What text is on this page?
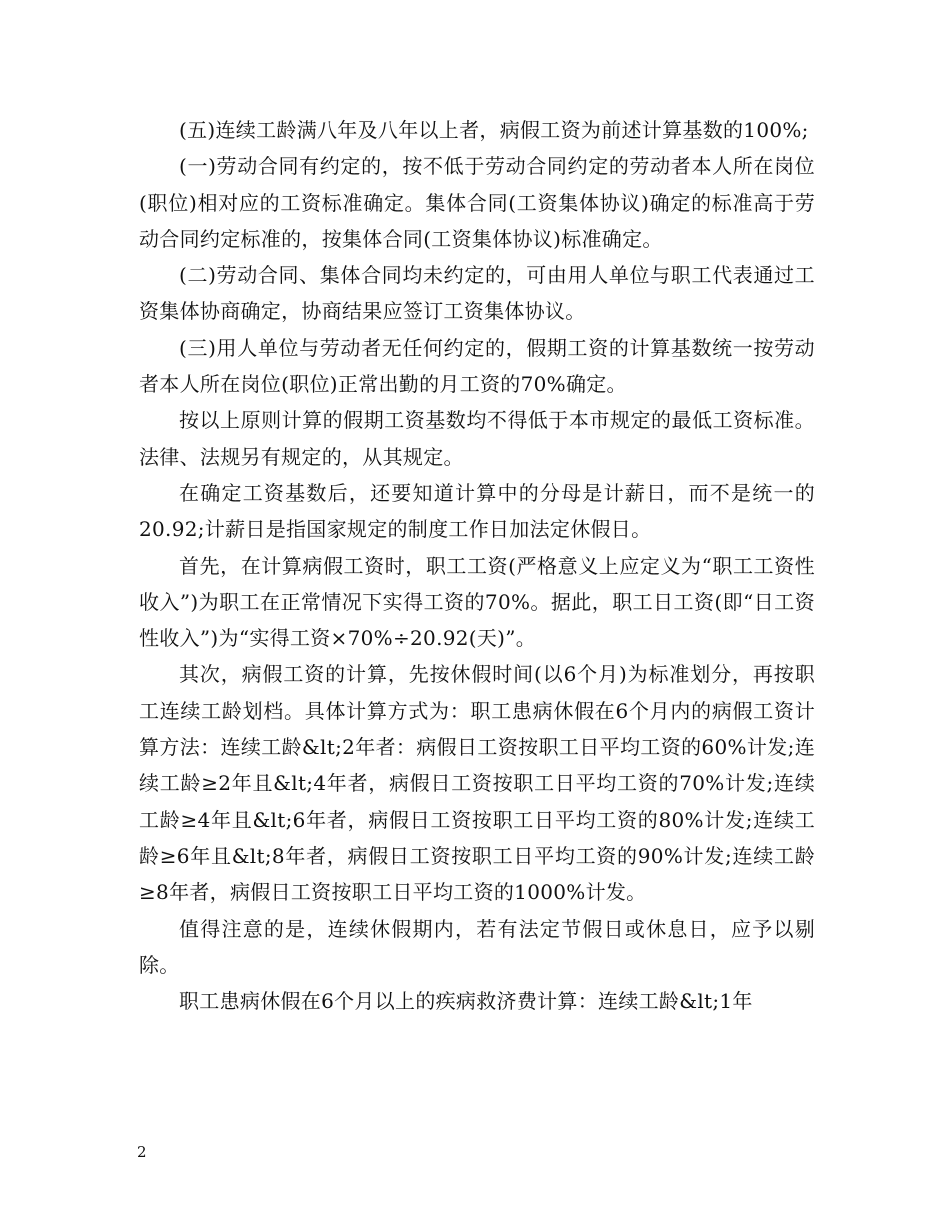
(五)连续工龄满八年及八年以上者，病假工资为前述计算基数的100%;

(一)劳动合同有约定的，按不低于劳动合同约定的劳动者本人所在岗位(职位)相对应的工资标准确定。集体合同(工资集体协议)确定的标准高于劳动合同约定标准的，按集体合同(工资集体协议)标准确定。

(二)劳动合同、集体合同均未约定的，可由用人单位与职工代表通过工资集体协商确定，协商结果应签订工资集体协议。

(三)用人单位与劳动者无任何约定的，假期工资的计算基数统一按劳动者本人所在岗位(职位)正常出勤的月工资的70%确定。

按以上原则计算的假期工资基数均不得低于本市规定的最低工资标准。法律、法规另有规定的，从其规定。

在确定工资基数后，还要知道计算中的分母是计薪日，而不是统一的20.92;计薪日是指国家规定的制度工作日加法定休假日。

首先，在计算病假工资时，职工工资(严格意义上应定义为“职工工资性收入”)为职工在正常情况下实得工资的70%。据此，职工日工资(即“日工资性收入”)为“实得工资×70%÷20.92(天)”。

其次，病假工资的计算，先按休假时间(以6个月)为标准划分，再按职工连续工龄划档。具体计算方式为：职工患病休假在6个月内的病假工资计算方法：连续工龄&lt;2年者：病假日工资按职工日平均工资的60%计发;连续工龄≥2年且&lt;4年者，病假日工资按职工日平均工资的70%计发;连续工龄≥4年且&lt;6年者，病假日工资按职工日平均工资的80%计发;连续工龄≥6年且&lt;8年者，病假日工资按职工日平均工资的90%计发;连续工龄≥8年者，病假日工资按职工日平均工资的1000%计发。

值得注意的是，连续休假期内，若有法定节假日或休息日，应予以剔除。

职工患病休假在6个月以上的疾病救济费计算：连续工龄&lt;1年

2
